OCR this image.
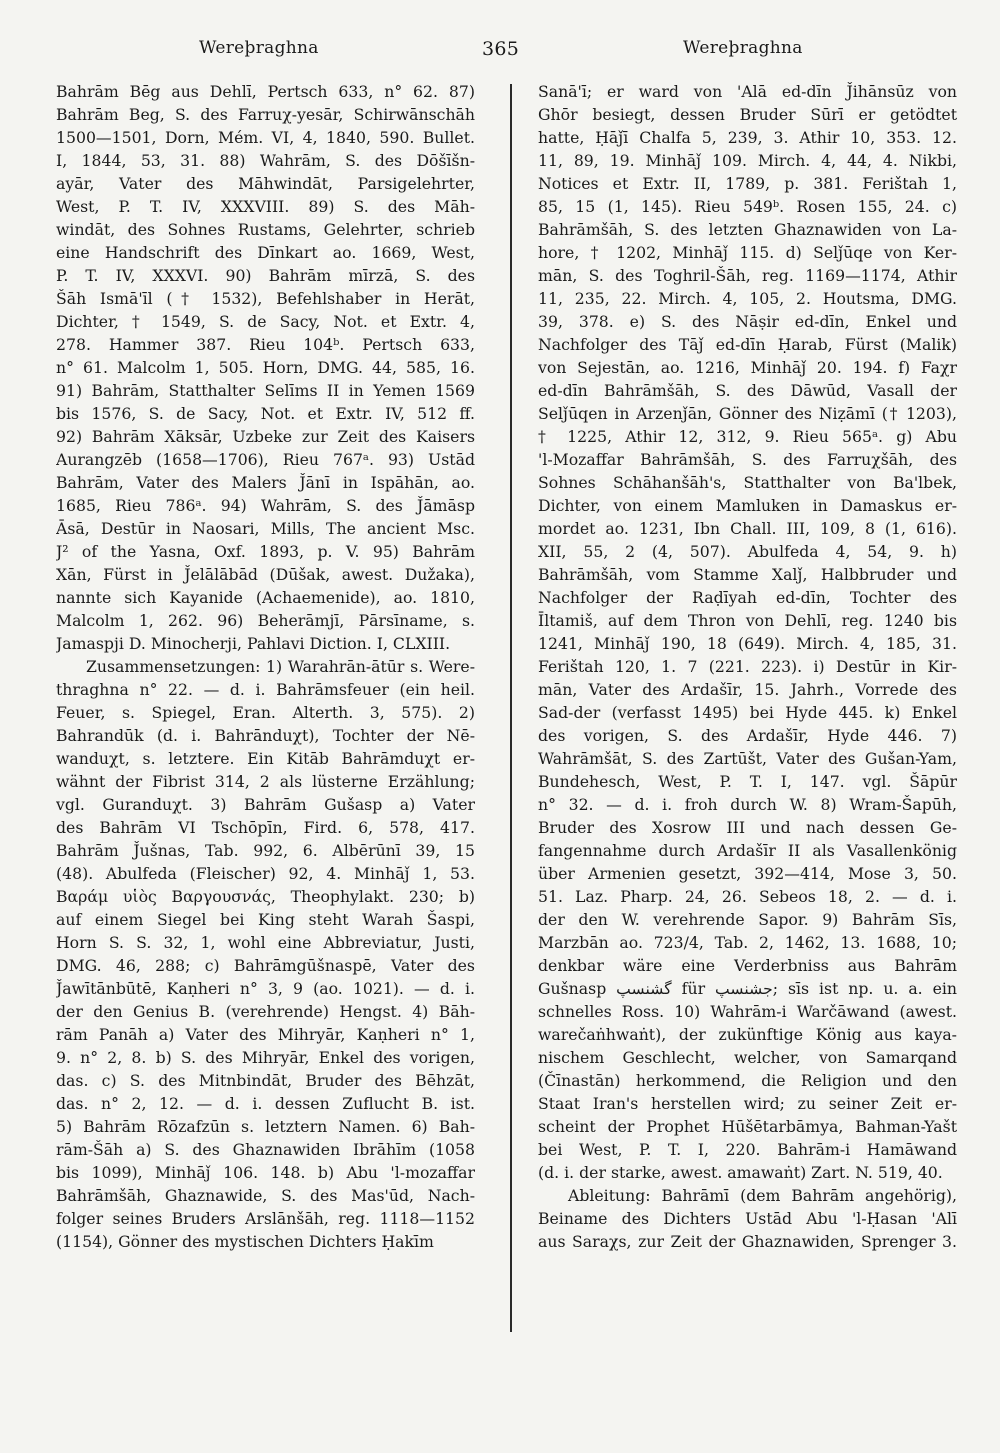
Wereþraghna	365	Wereþraghna
Bahrām Bēg aus Dehlī, Pertsch 633, n° 62. 87)
Bahrām Beg, S. des Farruχ-yesār, Schirwānschāh
1500—1501, Dorn, Mém. VI, 4, 1840, 590. Bullet.
I, 1844, 53, 31. 88) Wahrām, S. des Dōšīšn-
ayār, Vater des Māhwindāt, Parsigelehrter,
West, P. T. IV, XXXVIII. 89) S. des Māh-
windāt, des Sohnes Rustams, Gelehrter, schrieb
eine Handschrift des Dīnkart ao. 1669, West,
P. T. IV, XXXVI. 90) Bahrām mīrzā, S. des
Šāh Ismā'īl († 1532), Befehlshaber in Herāt,
Dichter, † 1549, S. de Sacy, Not. et Extr. 4,
278. Hammer 387. Rieu 104ᵇ. Pertsch 633,
n° 61. Malcolm 1, 505. Horn, DMG. 44, 585, 16.
91) Bahrām, Statthalter Selīms II in Yemen 1569
bis 1576, S. de Sacy, Not. et Extr. IV, 512 ff.
92) Bahrām Xāksār, Uzbeke zur Zeit des Kaisers
Aurangzēb (1658—1706), Rieu 767ᵃ. 93) Ustād
Bahrām, Vater des Malers J̌ānī in Ispāhān, ao.
1685, Rieu 786ᵃ. 94) Wahrām, S. des J̌āmāsp
Āsā, Destūr in Naosari, Mills, The ancient Msc.
J² of the Yasna, Oxf. 1893, p. V. 95) Bahrām
Xān, Fürst in J̌elālābād (Dūšak, awest. Dužaka),
nannte sich Kayanide (Achaemenide), ao. 1810,
Malcolm 1, 262. 96) Beherāmjī, Pārsīname, s.
Jamaspji D. Minocherji, Pahlavi Diction. I, CLXIII.
Zusammensetzungen: 1) Warahrān-ātūr s. Were-
thraghna n° 22. — d. i. Bahrāmsfeuer (ein heil.
Feuer, s. Spiegel, Eran. Alterth. 3, 575). 2)
Bahrandūk (d. i. Bahrānduχt), Tochter der Nē-
wanduχt, s. letztere. Ein Kitāb Bahrāmduχt er-
wähnt der Fibrist 314, 2 als lüsterne Erzählung;
vgl. Guranduχt. 3) Bahrām Gušasp a) Vater
des Bahrām VI Tschōpīn, Fird. 6, 578, 417.
Bahrām J̌ušnas, Tab. 992, 6. Albērūnī 39, 15
(48). Abulfeda (Fleischer) 92, 4. Minhāǰ 1, 53.
Βαράμ υἱὸς Βαργουσνάς, Theophylakt. 230; b)
auf einem Siegel bei King steht Warah Šaspi,
Horn S. S. 32, 1, wohl eine Abbreviatur, Justi,
DMG. 46, 288; c) Bahrāmgūšnaspē, Vater des
J̌awītānbūtē, Kaṇheri n° 3, 9 (ao. 1021). — d. i.
der den Genius B. (verehrende) Hengst. 4) Bāh-
rām Panāh a) Vater des Mihryār, Kaṇheri n° 1,
9. n° 2, 8. b) S. des Mihryār, Enkel des vorigen,
das. c) S. des Mitnbindāt, Bruder des Bēhzāt,
das. n° 2, 12. — d. i. dessen Zuflucht B. ist.
5) Bahrām Rōzafzūn s. letztern Namen. 6) Bah-
rām-Šāh a) S. des Ghaznawiden Ibrāhīm (1058
bis 1099), Minhāǰ 106. 148. b) Abu 'l-mozaffar
Bahrāmšāh, Ghaznawide, S. des Mas'ūd, Nach-
folger seines Bruders Arslānšāh, reg. 1118—1152
(1154), Gönner des mystischen Dichters Ḥakīm
Sanā'ī; er ward von 'Alā ed-dīn J̌ihānsūz von
Ghōr besiegt, dessen Bruder Sūrī er getödtet
hatte, Ḥāǰī Chalfa 5, 239, 3. Athir 10, 353. 12.
11, 89, 19. Minhāǰ 109. Mirch. 4, 44, 4. Nikbi,
Notices et Extr. II, 1789, p. 381. Ferištah 1,
85, 15 (1, 145). Rieu 549ᵇ. Rosen 155, 24. c)
Bahrāmšāh, S. des letzten Ghaznawiden von La-
hore, † 1202, Minhāǰ 115. d) Selǰūqe von Ker-
mān, S. des Toghril-Šāh, reg. 1169—1174, Athir
11, 235, 22. Mirch. 4, 105, 2. Houtsma, DMG.
39, 378. e) S. des Nāṣir ed-dīn, Enkel und
Nachfolger des Tāǰ ed-dīn Ḥarab, Fürst (Malik)
von Sejestān, ao. 1216, Minhāǰ 20. 194. f) Faχr
ed-dīn Bahrāmšāh, S. des Dāwūd, Vasall der
Selǰūqen in Arzenǰān, Gönner des Niẓāmī († 1203),
† 1225, Athir 12, 312, 9. Rieu 565ᵃ. g) Abu
'l-Mozaffar Bahrāmšāh, S. des Farruχšāh, des
Sohnes Schāhanšāh's, Statthalter von Ba'lbek,
Dichter, von einem Mamluken in Damaskus er-
mordet ao. 1231, Ibn Chall. III, 109, 8 (1, 616).
XII, 55, 2 (4, 507). Abulfeda 4, 54, 9. h)
Bahrāmšāh, vom Stamme Xalǰ, Halbbruder und
Nachfolger der Raḍīyah ed-dīn, Tochter des
Īltamiš, auf dem Thron von Dehlī, reg. 1240 bis
1241, Minhāǰ 190, 18 (649). Mirch. 4, 185, 31.
Ferištah 120, 1. 7 (221. 223). i) Destūr in Kir-
mān, Vater des Ardašīr, 15. Jahrh., Vorrede des
Sad-der (verfasst 1495) bei Hyde 445. k) Enkel
des vorigen, S. des Ardašīr, Hyde 446. 7)
Wahrāmšāt, S. des Zartūšt, Vater des Gušan-Yam,
Bundehesch, West, P. T. I, 147. vgl. Šāpūr
n° 32. — d. i. froh durch W. 8) Wram-Šapūh,
Bruder des Xosrow III und nach dessen Ge-
fangennahme durch Ardašīr II als Vasallenkönig
über Armenien gesetzt, 392—414, Mose 3, 50.
51. Laz. Pharp. 24, 26. Sebeos 18, 2. — d. i.
der den W. verehrende Sapor. 9) Bahrām Sīs,
Marzbān ao. 723/4, Tab. 2, 1462, 13. 1688, 10;
denkbar wäre eine Verderbniss aus Bahrām
Gušnasp گشنسپ für جشنسپ; sīs ist np. u. a. ein
schnelles Ross. 10) Wahrām-i Warčāwand (awest.
warečaṅhwaṅt), der zukünftige König aus kaya-
nischem Geschlecht, welcher, von Samarqand
(Čīnastān) herkommend, die Religion und den
Staat Iran's herstellen wird; zu seiner Zeit er-
scheint der Prophet Hūšētarbāmya, Bahman-Yašt
bei West, P. T. I, 220. Bahrām-i Hamāwand
(d. i. der starke, awest. amawaṅt) Zart. N. 519, 40.
Ableitung: Bahrāmī (dem Bahrām angehörig),
Beiname des Dichters Ustād Abu 'l-Ḥasan 'Alī
aus Saraχs, zur Zeit der Ghaznawiden, Sprenger 3.
